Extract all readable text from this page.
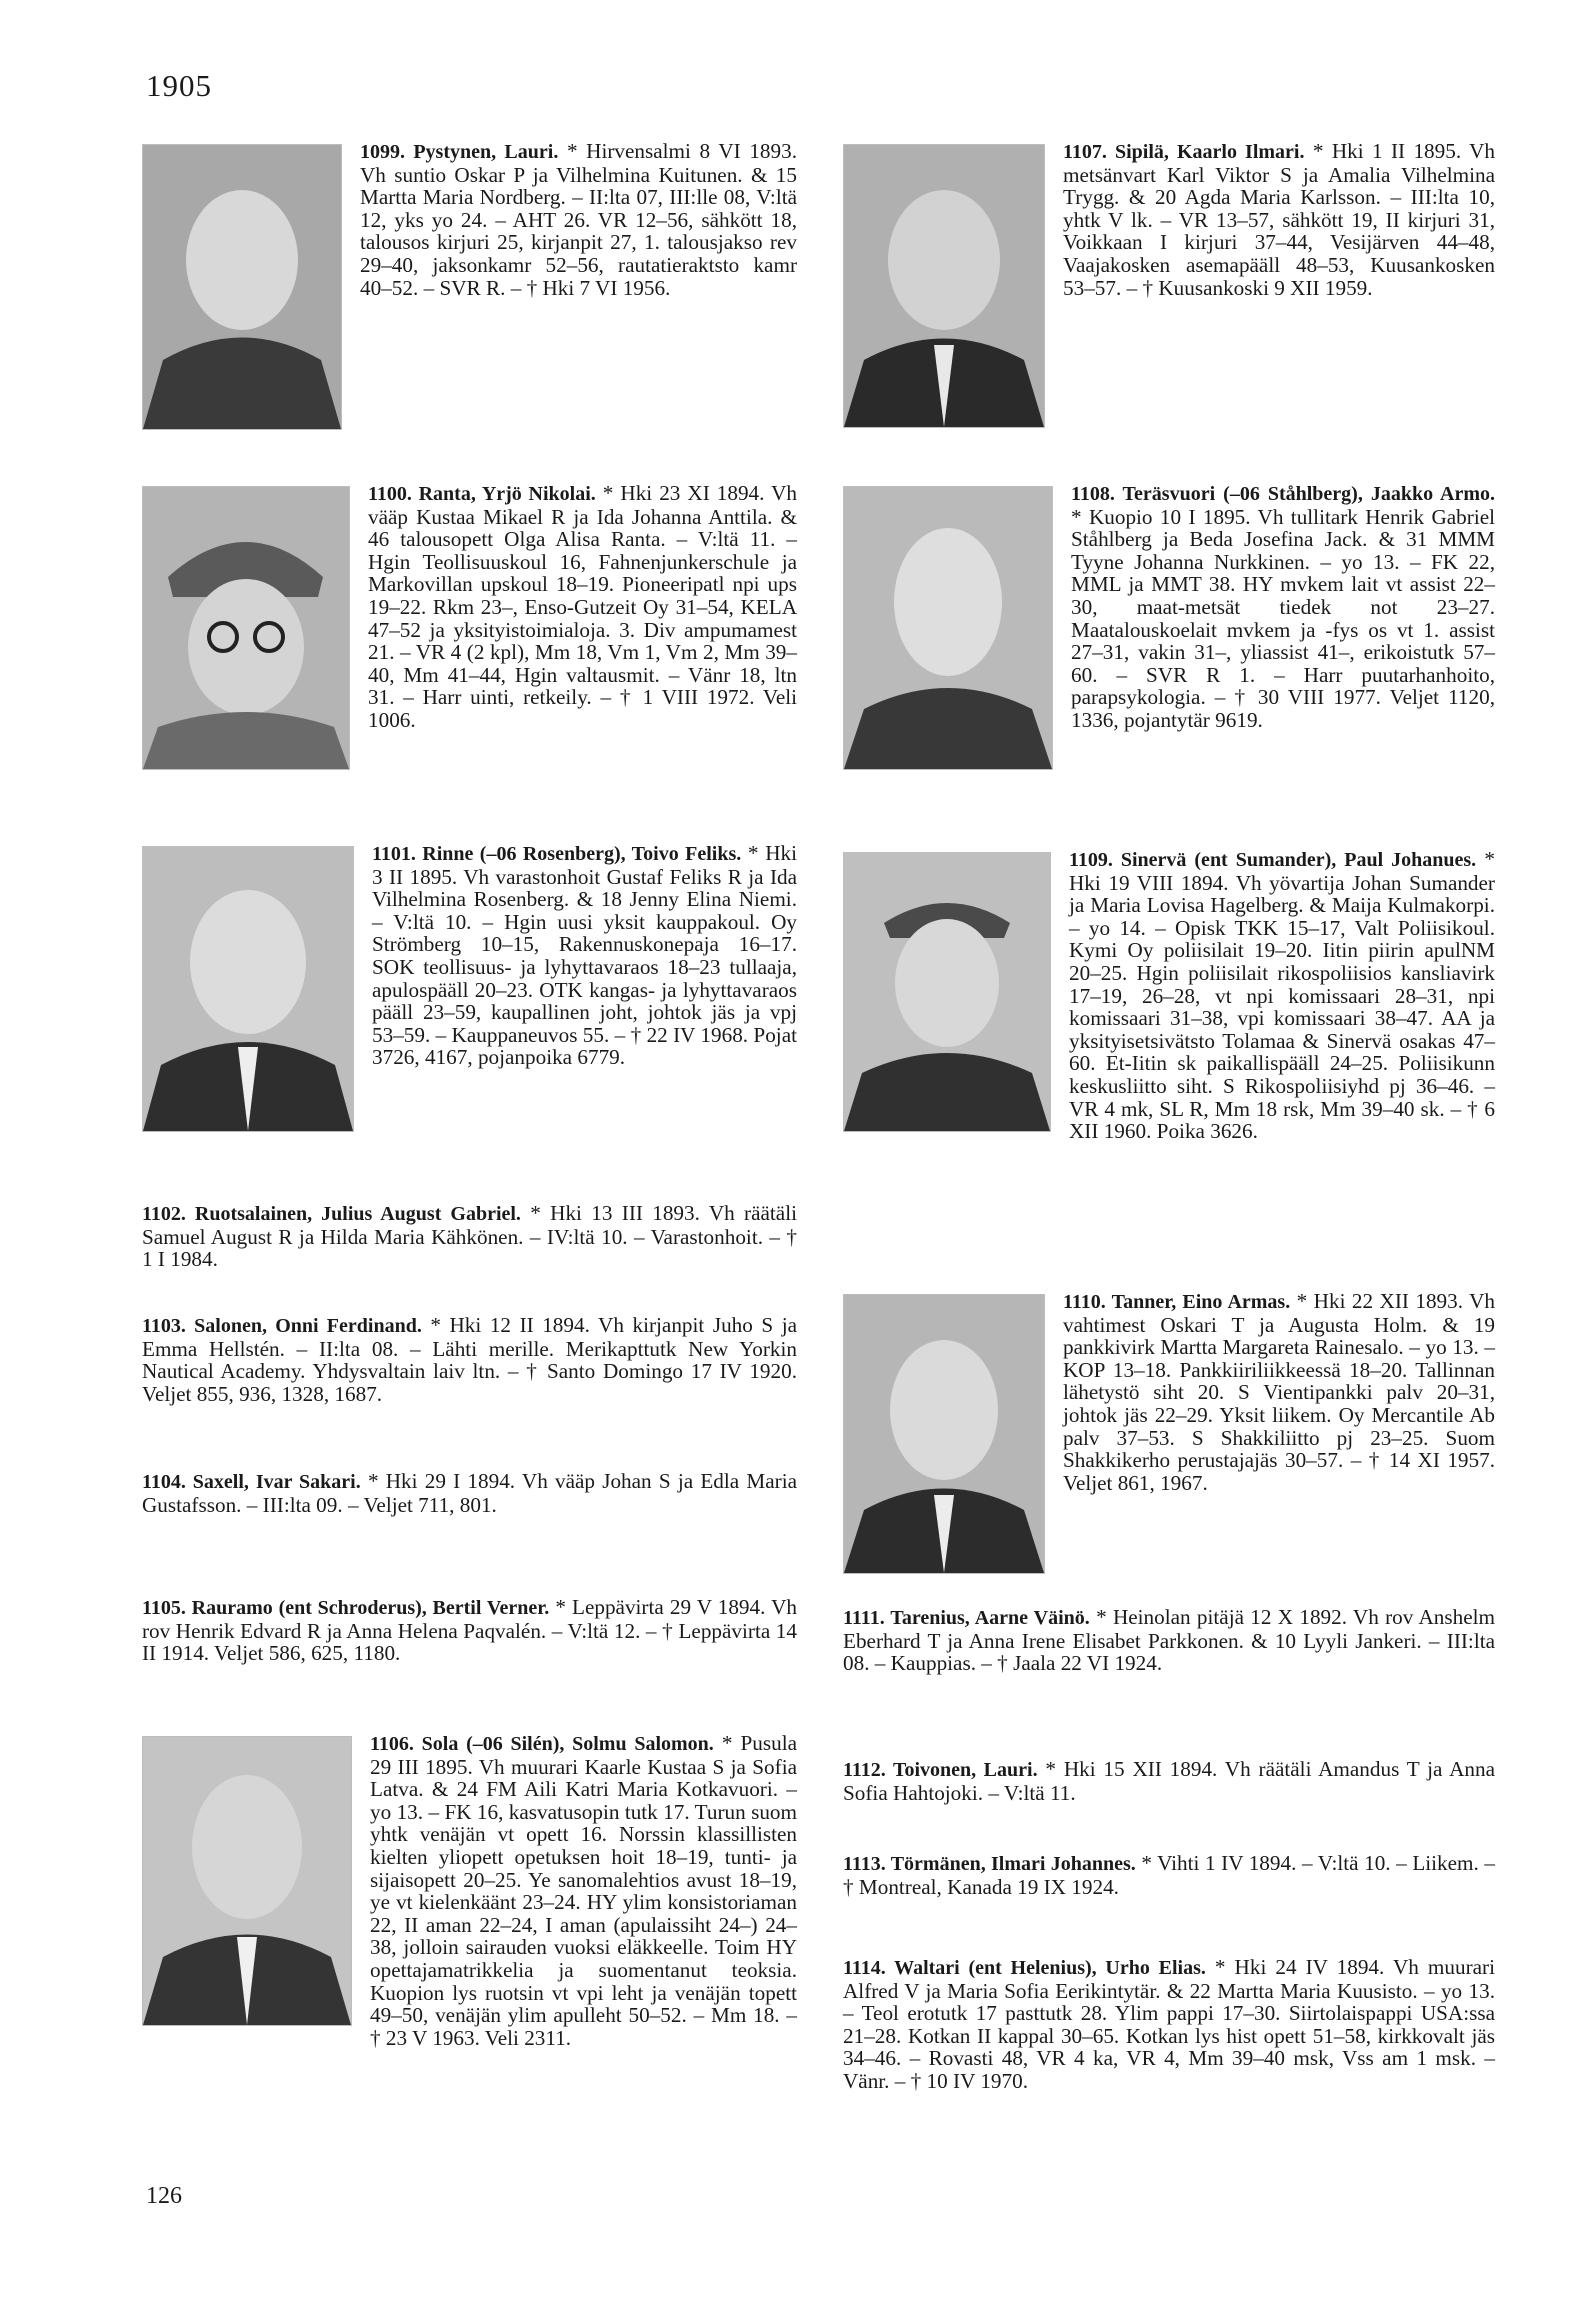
1905

1099. Pystynen, Lauri. * Hirvensalmi 8 VI 1893. Vh suntio Oskar P ja Vilhelmina Kuitunen. & 15 Martta Maria Nordberg. – II:lta 07, III:lle 08, V:ltä 12, yks yo 24. – AHT 26. VR 12–56, sähkött 18, talousos kirjuri 25, kirjanpit 27, 1. talousjakso rev 29–40, jaksonkamr 52–56, rautatieraktsto kamr 40–52. – SVR R. – † Hki 7 VI 1956.

1100. Ranta, Yrjö Nikolai. * Hki 23 XI 1894. Vh vääp Kustaa Mikael R ja Ida Johanna Anttila. & 46 talousopett Olga Alisa Ranta. – V:ltä 11. – Hgin Teollisuuskoul 16, Fahnenjunkerschule ja Markovillan upskoul 18–19. Pioneeripatl npi ups 19–22. Rkm 23–, Enso-Gutzeit Oy 31–54, KELA 47–52 ja yksityistoimialoja. 3. Div ampumamest 21. – VR 4 (2 kpl), Mm 18, Vm 1, Vm 2, Mm 39–40, Mm 41–44, Hgin valtausmit. – Vänr 18, ltn 31. – Harr uinti, retkeily. – † 1 VIII 1972. Veli 1006.

1101. Rinne (–06 Rosenberg), Toivo Feliks. * Hki 3 II 1895. Vh varastonhoit Gustaf Feliks R ja Ida Vilhelmina Rosenberg. & 18 Jenny Elina Niemi. – V:ltä 10. – Hgin uusi yksit kauppakoul. Oy Strömberg 10–15, Rakennuskonepaja 16–17. SOK teollisuus- ja lyhyttavaraos 18–23 tullaaja, apulospääll 20–23. OTK kangas- ja lyhyttavaraos pääll 23–59, kaupallinen joht, johtok jäs ja vpj 53–59. – Kauppaneuvos 55. – † 22 IV 1968. Pojat 3726, 4167, pojanpoika 6779.

1102. Ruotsalainen, Julius August Gabriel. * Hki 13 III 1893. Vh räätäli Samuel August R ja Hilda Maria Kähkönen. – IV:ltä 10. – Varastonhoit. – † 1 I 1984.

1103. Salonen, Onni Ferdinand. * Hki 12 II 1894. Vh kirjanpit Juho S ja Emma Hellstén. – II:lta 08. – Lähti merille. Merikapttutk New Yorkin Nautical Academy. Yhdysvaltain laiv ltn. – † Santo Domingo 17 IV 1920. Veljet 855, 936, 1328, 1687.

1104. Saxell, Ivar Sakari. * Hki 29 I 1894. Vh vääp Johan S ja Edla Maria Gustafsson. – III:lta 09. – Veljet 711, 801.

1105. Rauramo (ent Schroderus), Bertil Verner. * Leppävirta 29 V 1894. Vh rov Henrik Edvard R ja Anna Helena Paqvalén. – V:ltä 12. – † Leppävirta 14 II 1914. Veljet 586, 625, 1180.

1106. Sola (–06 Silén), Solmu Salomon. * Pusula 29 III 1895. Vh muurari Kaarle Kustaa S ja Sofia Latva. & 24 FM Aili Katri Maria Kotkavuori. – yo 13. – FK 16, kasvatusopin tutk 17. Turun suom yhtk venäjän vt opett 16. Norssin klassillisten kielten yliopett opetuksen hoit 18–19, tunti- ja sijaisopett 20–25. Ye sanomalehtios avust 18–19, ye vt kielenkäänt 23–24. HY ylim konsistoriaman 22, II aman 22–24, I aman (apulaissiht 24–) 24–38, jolloin sairauden vuoksi eläkkeelle. Toim HY opettajamatrikkelia ja suomentanut teoksia. Kuopion lys ruotsin vt vpi leht ja venäjän topett 49–50, venäjän ylim apulleht 50–52. – Mm 18. – † 23 V 1963. Veli 2311.

1107. Sipilä, Kaarlo Ilmari. * Hki 1 II 1895. Vh metsänvart Karl Viktor S ja Amalia Vilhelmina Trygg. & 20 Agda Maria Karlsson. – III:lta 10, yhtk V lk. – VR 13–57, sähkött 19, II kirjuri 31, Voikkaan I kirjuri 37–44, Vesijärven 44–48, Vaajakosken asemapääll 48–53, Kuusankosken 53–57. – † Kuusankoski 9 XII 1959.

1108. Teräsvuori (–06 Ståhlberg), Jaakko Armo. * Kuopio 10 I 1895. Vh tullitark Henrik Gabriel Ståhlberg ja Beda Josefina Jack. & 31 MMM Tyyne Johanna Nurkkinen. – yo 13. – FK 22, MML ja MMT 38. HY mvkem lait vt assist 22–30, maat-metsät tiedek not 23–27. Maatalouskoelait mvkem ja -fys os vt 1. assist 27–31, vakin 31–, yliassist 41–, erikoistutk 57–60. – SVR R 1. – Harr puutarhanhoito, parapsykologia. – † 30 VIII 1977. Veljet 1120, 1336, pojantytär 9619.

1109. Sinervä (ent Sumander), Paul Johanues. * Hki 19 VIII 1894. Vh yövartija Johan Sumander ja Maria Lovisa Hagelberg. & Maija Kulmakorpi. – yo 14. – Opisk TKK 15–17, Valt Poliisikoul. Kymi Oy poliisilait 19–20. Iitin piirin apulNM 20–25. Hgin poliisilait rikospoliisios kansliavirk 17–19, 26–28, vt npi komissaari 28–31, npi komissaari 31–38, vpi komissaari 38–47. AA ja yksityisetsivätsto Tolamaa & Sinervä osakas 47–60. Et-Iitin sk paikallispääll 24–25. Poliisikunn keskusliitto siht. S Rikospoliisiyhd pj 36–46. – VR 4 mk, SL R, Mm 18 rsk, Mm 39–40 sk. – † 6 XII 1960. Poika 3626.

1110. Tanner, Eino Armas. * Hki 22 XII 1893. Vh vahtimest Oskari T ja Augusta Holm. & 19 pankkivirk Martta Margareta Rainesalo. – yo 13. – KOP 13–18. Pankkiiriliikkeessä 18–20. Tallinnan lähetystö siht 20. S Vientipankki palv 20–31, johtok jäs 22–29. Yksit liikem. Oy Mercantile Ab palv 37–53. S Shakkiliitto pj 23–25. Suom Shakkikerho perustajajäs 30–57. – † 14 XI 1957. Veljet 861, 1967.

1111. Tarenius, Aarne Väinö. * Heinolan pitäjä 12 X 1892. Vh rov Anshelm Eberhard T ja Anna Irene Elisabet Parkkonen. & 10 Lyyli Jankeri. – III:lta 08. – Kauppias. – † Jaala 22 VI 1924.

1112. Toivonen, Lauri. * Hki 15 XII 1894. Vh räätäli Amandus T ja Anna Sofia Hahtojoki. – V:ltä 11.

1113. Törmänen, Ilmari Johannes. * Vihti 1 IV 1894. – V:ltä 10. – Liikem. – † Montreal, Kanada 19 IX 1924.

1114. Waltari (ent Helenius), Urho Elias. * Hki 24 IV 1894. Vh muurari Alfred V ja Maria Sofia Eerikintytär. & 22 Martta Maria Kuusisto. – yo 13. – Teol erotutk 17 pasttutk 28. Ylim pappi 17–30. Siirtolaispappi USA:ssa 21–28. Kotkan II kappal 30–65. Kotkan lys hist opett 51–58, kirkkovalt jäs 34–46. – Rovasti 48, VR 4 ka, VR 4, Mm 39–40 msk, Vss am 1 msk. – Vänr. – † 10 IV 1970.

126
